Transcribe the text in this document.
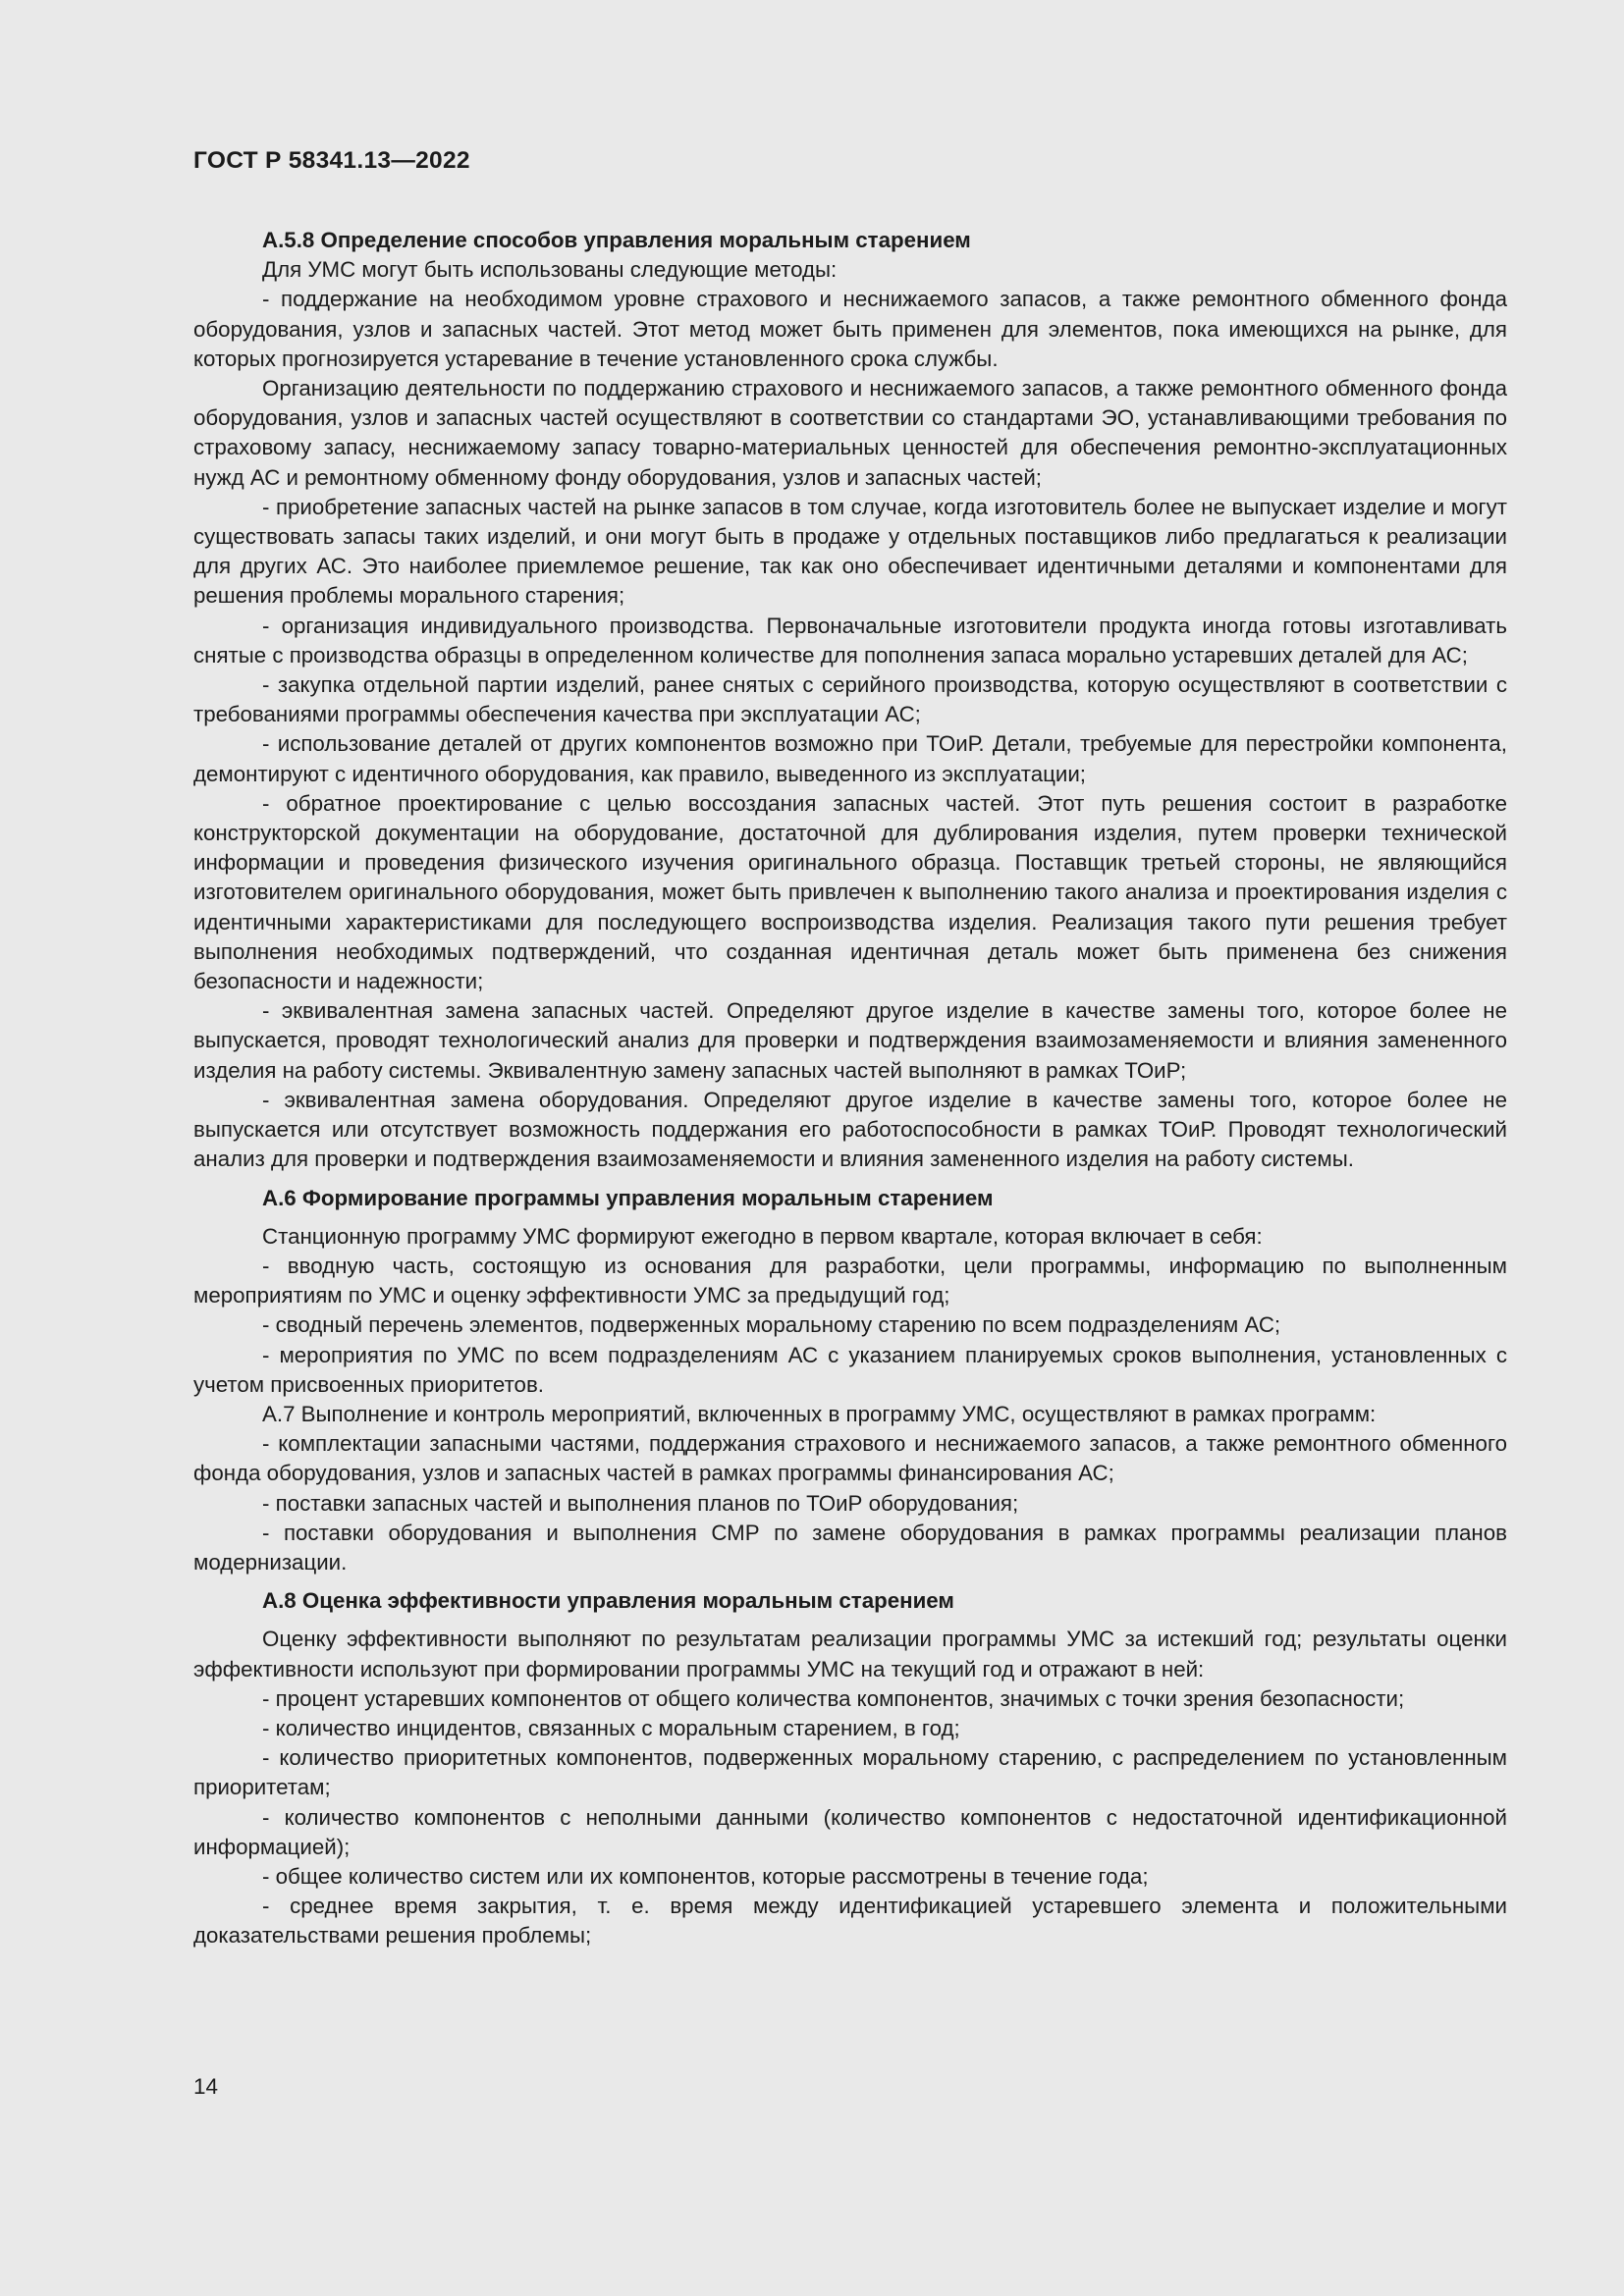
ГОСТ Р 58341.13—2022

А.5.8 Определение способов управления моральным старением

Для УМС могут быть использованы следующие методы:

- поддержание на необходимом уровне страхового и неснижаемого запасов, а также ремонтного обменного фонда оборудования, узлов и запасных частей. Этот метод может быть применен для элементов, пока имеющихся на рынке, для которых прогнозируется устаревание в течение установленного срока службы.

Организацию деятельности по поддержанию страхового и неснижаемого запасов, а также ремонтного обменного фонда оборудования, узлов и запасных частей осуществляют в соответствии со стандартами ЭО, устанавливающими требования по страховому запасу, неснижаемому запасу товарно-материальных ценностей для обеспечения ремонтно-эксплуатационных нужд АС и ремонтному обменному фонду оборудования, узлов и запасных частей;

- приобретение запасных частей на рынке запасов в том случае, когда изготовитель более не выпускает изделие и могут существовать запасы таких изделий, и они могут быть в продаже у отдельных поставщиков либо предлагаться к реализации для других АС. Это наиболее приемлемое решение, так как оно обеспечивает идентичными деталями и компонентами для решения проблемы морального старения;

- организация индивидуального производства. Первоначальные изготовители продукта иногда готовы изготавливать снятые с производства образцы в определенном количестве для пополнения запаса морально устаревших деталей для АС;

- закупка отдельной партии изделий, ранее снятых с серийного производства, которую осуществляют в соответствии с требованиями программы обеспечения качества при эксплуатации АС;

- использование деталей от других компонентов возможно при ТОиР. Детали, требуемые для перестройки компонента, демонтируют с идентичного оборудования, как правило, выведенного из эксплуатации;

- обратное проектирование с целью воссоздания запасных частей. Этот путь решения состоит в разработке конструкторской документации на оборудование, достаточной для дублирования изделия, путем проверки технической информации и проведения физического изучения оригинального образца. Поставщик третьей стороны, не являющийся изготовителем оригинального оборудования, может быть привлечен к выполнению такого анализа и проектирования изделия с идентичными характеристиками для последующего воспроизводства изделия. Реализация такого пути решения требует выполнения необходимых подтверждений, что созданная идентичная деталь может быть применена без снижения безопасности и надежности;

- эквивалентная замена запасных частей. Определяют другое изделие в качестве замены того, которое более не выпускается, проводят технологический анализ для проверки и подтверждения взаимозаменяемости и влияния замененного изделия на работу системы. Эквивалентную замену запасных частей выполняют в рамках ТОиР;

- эквивалентная замена оборудования. Определяют другое изделие в качестве замены того, которое более не выпускается или отсутствует возможность поддержания его работоспособности в рамках ТОиР. Проводят технологический анализ для проверки и подтверждения взаимозаменяемости и влияния замененного изделия на работу системы.

А.6 Формирование программы управления моральным старением

Станционную программу УМС формируют ежегодно в первом квартале, которая включает в себя:

- вводную часть, состоящую из основания для разработки, цели программы, информацию по выполненным мероприятиям по УМС и оценку эффективности УМС за предыдущий год;

- сводный перечень элементов, подверженных моральному старению по всем подразделениям АС;

- мероприятия по УМС по всем подразделениям АС с указанием планируемых сроков выполнения, установленных с учетом присвоенных приоритетов.

А.7 Выполнение и контроль мероприятий, включенных в программу УМС, осуществляют в рамках программ:

- комплектации запасными частями, поддержания страхового и неснижаемого запасов, а также ремонтного обменного фонда оборудования, узлов и запасных частей в рамках программы финансирования АС;

- поставки запасных частей и выполнения планов по ТОиР оборудования;

- поставки оборудования и выполнения СМР по замене оборудования в рамках программы реализации планов модернизации.

А.8 Оценка эффективности управления моральным старением

Оценку эффективности выполняют по результатам реализации программы УМС за истекший год; результаты оценки эффективности используют при формировании программы УМС на текущий год и отражают в ней:

- процент устаревших компонентов от общего количества компонентов, значимых с точки зрения безопасности;

- количество инцидентов, связанных с моральным старением, в год;

- количество приоритетных компонентов, подверженных моральному старению, с распределением по установленным приоритетам;

- количество компонентов с неполными данными (количество компонентов с недостаточной идентификационной информацией);

- общее количество систем или их компонентов, которые рассмотрены в течение года;

- среднее время закрытия, т. е. время между идентификацией устаревшего элемента и положительными доказательствами решения проблемы;

14
